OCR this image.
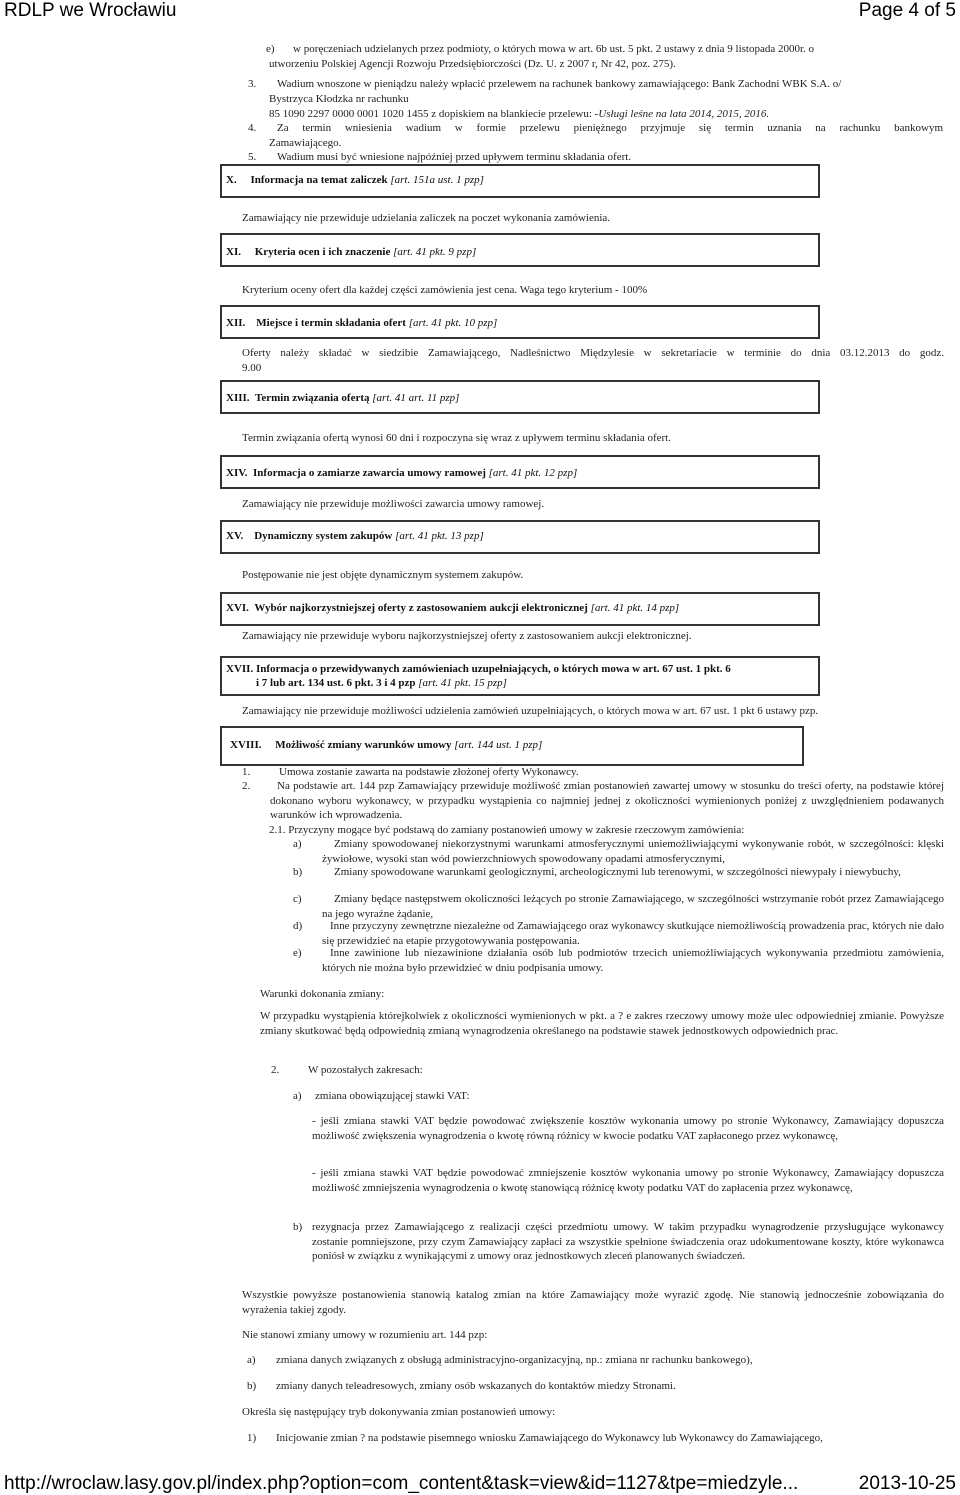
RDLP we Wrocławiu	Page 4 of 5
e) w poręczeniach udzielanych przez podmioty, o których mowa w art. 6b ust. 5 pkt. 2 ustawy z dnia 9 listopada 2000r. o
utworzeniu Polskiej Agencji Rozwoju Przedsiębiorczości (Dz. U. z 2007 r, Nr 42, poz. 275).
3. Wadium wnoszone w pieniądzu należy wpłacić przelewem na rachunek bankowy zamawiającego: Bank Zachodni WBK S.A. o/
Bystrzyca Kłodzka nr rachunku
85 1090 2297 0000 0001 1020 1455 z dopiskiem na blankiecie przelewu: -Usługi leśne na lata 2014, 2015, 2016.
4. Za termin wniesienia wadium w formie przelewu pieniężnego przyjmuje się termin uznania na rachunku bankowym
Zamawiającego.
5. Wadium musi być wniesione najpóźniej przed upływem terminu składania ofert.
X. Informacja na temat zaliczek [art. 151a ust. 1 pzp]
Zamawiający nie przewiduje udzielania zaliczek na poczet wykonania zamówienia.
XI. Kryteria ocen i ich znaczenie [art. 41 pkt. 9 pzp]
Kryterium oceny ofert dla każdej części zamówienia jest cena. Waga tego kryterium - 100%
XII. Miejsce i termin składania ofert [art. 41 pkt. 10 pzp]
Oferty należy składać w siedzibie Zamawiającego, Nadleśnictwo Międzylesie w sekretariacie w terminie do dnia 03.12.2013 do godz.
9.00
XIII. Termin związania ofertą [art. 41 art. 11 pzp]
Termin związania ofertą wynosi 60 dni i rozpoczyna się wraz z upływem terminu składania ofert.
XIV. Informacja o zamiarze zawarcia umowy ramowej [art. 41 pkt. 12 pzp]
Zamawiający nie przewiduje możliwości zawarcia umowy ramowej.
XV. Dynamiczny system zakupów [art. 41 pkt. 13 pzp]
Postępowanie nie jest objęte dynamicznym systemem zakupów.
XVI. Wybór najkorzystniejszej oferty z zastosowaniem aukcji elektronicznej [art. 41 pkt. 14 pzp]
Zamawiający nie przewiduje wyboru najkorzystniejszej oferty z zastosowaniem aukcji elektronicznej.
XVII. Informacja o przewidywanych zamówieniach uzupełniających, o których mowa w art. 67 ust. 1 pkt. 6
i 7 lub art. 134 ust. 6 pkt. 3 i 4 pzp [art. 41 pkt. 15 pzp]
Zamawiający nie przewiduje możliwości udzielenia zamówień uzupełniających, o których mowa w art. 67 ust. 1 pkt 6 ustawy pzp.
XVIII. Możliwość zmiany warunków umowy [art. 144 ust. 1 pzp]
1.	Umowa zostanie zawarta na podstawie złożonej oferty Wykonawcy.
2.	Na podstawie art. 144 pzp Zamawiający przewiduje możliwość zmian postanowień zawartej umowy w stosunku do treści oferty, na podstawie której dokonano wyboru wykonawcy, w przypadku wystąpienia co najmniej jednej z okoliczności wymienionych poniżej z uwzględnieniem podawanych warunków ich wprowadzenia.
2.1. Przyczyny mogące być podstawą do zamiany postanowień umowy w zakresie rzeczowym zamówienia:
a)	Zmiany spowodowanej niekorzystnymi warunkami atmosferycznymi uniemożliwiającymi wykonywanie robót, w szczególności: klęski żywiołowe, wysoki stan wód powierzchniowych spowodowany opadami atmosferycznymi,
b)	Zmiany spowodowane warunkami geologicznymi, archeologicznymi lub terenowymi, w szczególności niewypały i niewybuchy,
c)	Zmiany będące następstwem okoliczności leżących po stronie Zamawiającego, w szczególności wstrzymanie robót przez Zamawiającego na jego wyraźne żądanie,
d)	Inne przyczyny zewnętrzne niezależne od Zamawiającego oraz wykonawcy skutkujące niemożliwością prowadzenia prac, których nie dało się przewidzieć na etapie przygotowywania postępowania.
e)	Inne zawinione lub niezawinione działania osób lub podmiotów trzecich uniemożliwiających wykonywania przedmiotu zamówienia, których nie można było przewidzieć w dniu podpisania umowy.
Warunki dokonania zmiany:
W przypadku wystąpienia którejkolwiek z okoliczności wymienionych w pkt. a ? e zakres rzeczowy umowy może ulec odpowiedniej zmianie. Powyższe zmiany skutkować będą odpowiednią zmianą wynagrodzenia określanego na podstawie stawek jednostkowych odpowiednich prac.
2.	W pozostałych zakresach:
a) zmiana obowiązującej stawki VAT:
- jeśli zmiana stawki VAT będzie powodować zwiększenie kosztów wykonania umowy po stronie Wykonawcy, Zamawiający dopuszcza możliwość zwiększenia wynagrodzenia o kwotę równą różnicy w kwocie podatku VAT zapłaconego przez wykonawcę,
- jeśli zmiana stawki VAT będzie powodować zmniejszenie kosztów wykonania umowy po stronie Wykonawcy, Zamawiający dopuszcza możliwość zmniejszenia wynagrodzenia o kwotę stanowiącą różnicę kwoty podatku VAT do zapłacenia przez wykonawcę,
b) rezygnacja przez Zamawiającego z realizacji części przedmiotu umowy. W takim przypadku wynagrodzenie przysługujące wykonawcy zostanie pomniejszone, przy czym Zamawiający zapłaci za wszystkie spełnione świadczenia oraz udokumentowane koszty, które wykonawca poniósł w związku z wynikającymi z umowy oraz jednostkowych zleceń planowanych świadczeń.
Wszystkie powyższe postanowienia stanowią katalog zmian na które Zamawiający może wyrazić zgodę. Nie stanowią jednocześnie zobowiązania do wyrażenia takiej zgody.
Nie stanowi zmiany umowy w rozumieniu art. 144 pzp:
a) zmiana danych związanych z obsługą administracyjno-organizacyjną, np.: zmiana nr rachunku bankowego),
b) zmiany danych teleadresowych, zmiany osób wskazanych do kontaktów miedzy Stronami.
Określa się następujący tryb dokonywania zmian postanowień umowy:
1) Inicjowanie zmian ? na podstawie pisemnego wniosku Zamawiającego do Wykonawcy lub Wykonawcy do Zamawiającego,
http://wroclaw.lasy.gov.pl/index.php?option=com_content&task=view&id=1127&tpe=miedzyle...	2013-10-25
